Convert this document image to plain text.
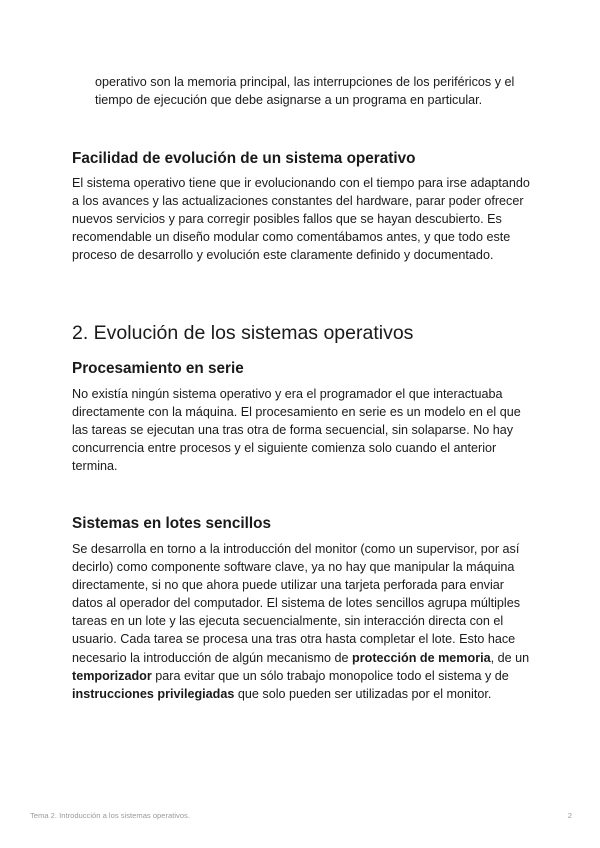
operativo son la memoria principal, las interrupciones de los periféricos y el tiempo de ejecución que debe asignarse a un programa en particular.

Facilidad de evolución de un sistema operativo

El sistema operativo tiene que ir evolucionando con el tiempo para irse adaptando a los avances y las actualizaciones constantes del hardware, parar poder ofrecer nuevos servicios y para corregir posibles fallos que se hayan descubierto. Es recomendable un diseño modular como comentábamos antes, y que todo este proceso de desarrollo y evolución este claramente definido y documentado.

2. Evolución de los sistemas operativos
Procesamiento en serie

No existía ningún sistema operativo y era el programador el que interactuaba directamente con la máquina. El procesamiento en serie es un modelo en el que las tareas se ejecutan una tras otra de forma secuencial, sin solaparse. No hay concurrencia entre procesos y el siguiente comienza solo cuando el anterior termina.

Sistemas en lotes sencillos

Se desarrolla en torno a la introducción del monitor (como un supervisor, por así decirlo) como componente software clave, ya no hay que manipular la máquina directamente, si no que ahora puede utilizar una tarjeta perforada para enviar datos al operador del computador. El sistema de lotes sencillos agrupa múltiples tareas en un lote y las ejecuta secuencialmente, sin interacción directa con el usuario. Cada tarea se procesa una tras otra hasta completar el lote. Esto hace necesario la introducción de algún mecanismo de protección de memoria, de un temporizador para evitar que un sólo trabajo monopolice todo el sistema y de instrucciones privilegiadas que solo pueden ser utilizadas por el monitor.

Tema 2. Introducción a los sistemas operativos.	2
